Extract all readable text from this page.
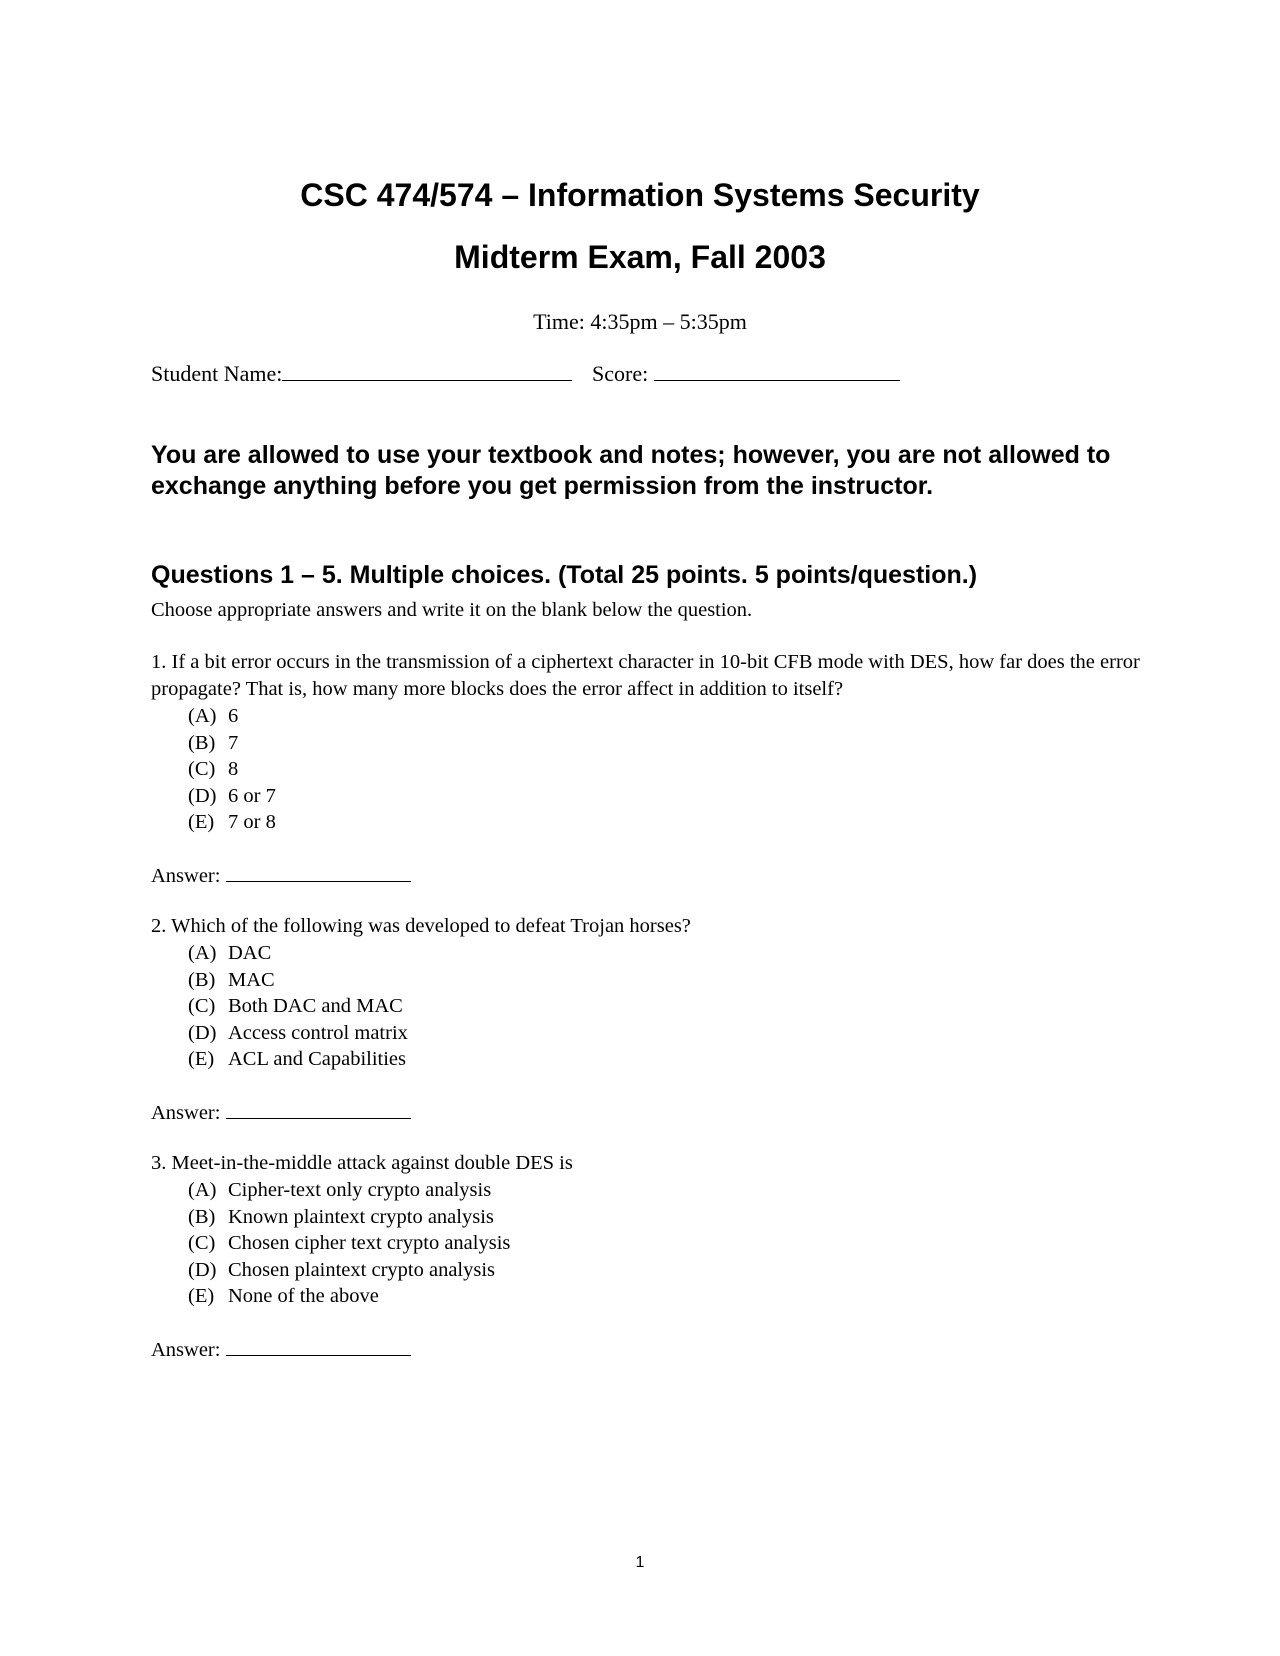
CSC 474/574 – Information Systems Security
Midterm Exam, Fall 2003
Time: 4:35pm – 5:35pm
Student Name:	Score:
You are allowed to use your textbook and notes; however, you are not allowed to exchange anything before you get permission from the instructor.
Questions 1 – 5. Multiple choices. (Total 25 points. 5 points/question.)
Choose appropriate answers and write it on the blank below the question.
1. If a bit error occurs in the transmission of a ciphertext character in 10-bit CFB mode with DES, how far does the error propagate? That is, how many more blocks does the error affect in addition to itself?
(A) 6
(B) 7
(C) 8
(D) 6 or 7
(E) 7 or 8
Answer:
2. Which of the following was developed to defeat Trojan horses?
(A) DAC
(B) MAC
(C) Both DAC and MAC
(D) Access control matrix
(E) ACL and Capabilities
Answer:
3. Meet-in-the-middle attack against double DES is
(A) Cipher-text only crypto analysis
(B) Known plaintext crypto analysis
(C) Chosen cipher text crypto analysis
(D) Chosen plaintext crypto analysis
(E) None of the above
Answer:
1
